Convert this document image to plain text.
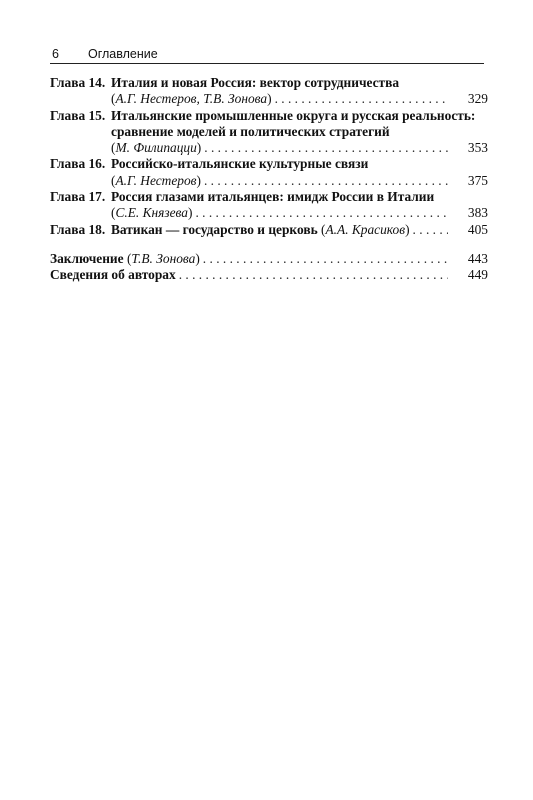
6 Оглавление
Глава 14. Италия и новая Россия: вектор сотрудничества
(А.Г. Нестеров, Т.В. Зонова) . . .	329
Глава 15. Итальянские промышленные округа и русская реальность:
сравнение моделей и политических стратегий
(М. Филипацци) . . .	353
Глава 16. Российско-итальянские культурные связи
(А.Г. Нестеров) . . .	375
Глава 17. Россия глазами итальянцев: имидж России в Италии
(С.Е. Князева) . . .	383
Глава 18. Ватикан — государство и церковь (А.А. Красиков) . . .	405
Заключение (Т.В. Зонова) . . .	443
Сведения об авторах . . .	449
